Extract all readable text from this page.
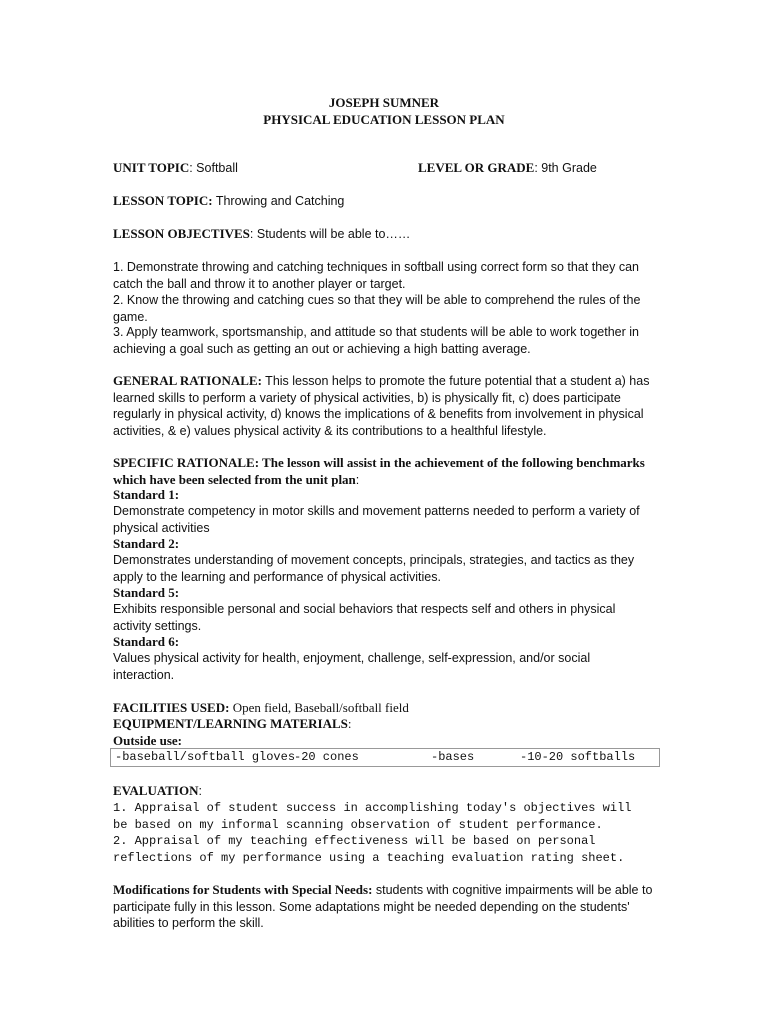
JOSEPH SUMNER
PHYSICAL EDUCATION LESSON PLAN
UNIT TOPIC: Softball	LEVEL OR GRADE: 9th Grade
LESSON TOPIC: Throwing and Catching
LESSON OBJECTIVES: Students will be able to……
1. Demonstrate throwing and catching techniques in softball using correct form so that they can catch the ball and throw it to another player or target.
2. Know the throwing and catching cues so that they will be able to comprehend the rules of the game.
3. Apply teamwork, sportsmanship, and attitude so that students will be able to work together in achieving a goal such as getting an out or achieving a high batting average.
GENERAL RATIONALE: This lesson helps to promote the future potential that a student a) has learned skills to perform a variety of physical activities, b) is physically fit, c) does participate regularly in physical activity, d) knows the implications of & benefits from involvement in physical activities, & e) values physical activity & its contributions to a healthful lifestyle.
SPECIFIC RATIONALE: The lesson will assist in the achievement of the following benchmarks which have been selected from the unit plan:
Standard 1:
Demonstrate competency in motor skills and movement patterns needed to perform a variety of physical activities
Standard 2:
Demonstrates understanding of movement concepts, principals, strategies, and tactics as they apply to the learning and performance of physical activities.
Standard 5:
Exhibits responsible personal and social behaviors that respects self and others in physical activity settings.
Standard 6:
Values physical activity for health, enjoyment, challenge, self-expression, and/or social interaction.
FACILITIES USED: Open field, Baseball/softball field
EQUIPMENT/LEARNING MATERIALS:
Outside use:
-baseball/softball gloves
-20 cones	-bases	-10-20 softballs
EVALUATION:
1. Appraisal of student success in accomplishing today's objectives will be based on my informal scanning observation of student performance.
2. Appraisal of my teaching effectiveness will be based on personal reflections of my performance using a teaching evaluation rating sheet.
Modifications for Students with Special Needs: students with cognitive impairments will be able to participate fully in this lesson. Some adaptations might be needed depending on the students' abilities to perform the skill.
